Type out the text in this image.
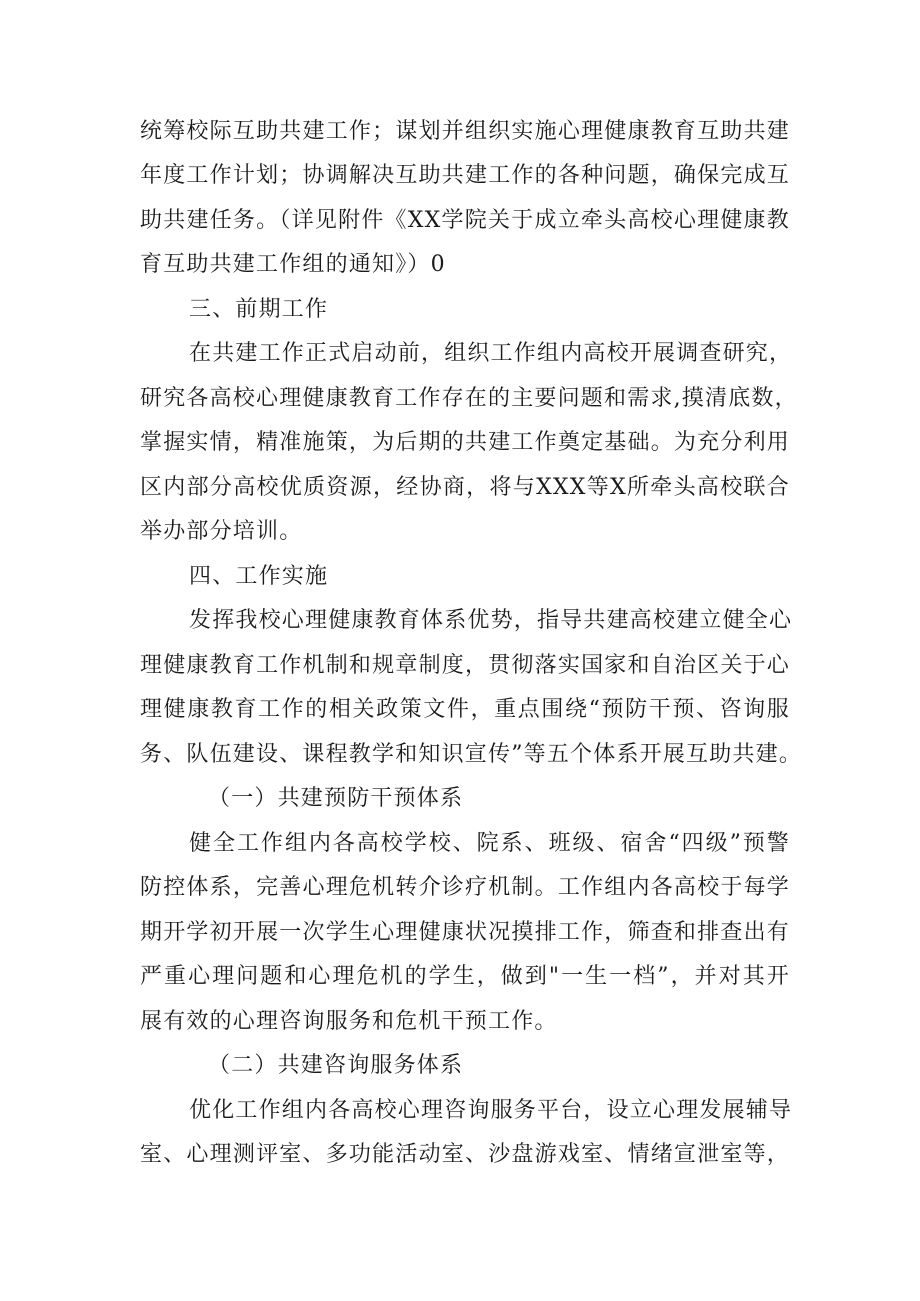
统筹校际互助共建工作；谋划并组织实施心理健康教育互助共建
年度工作计划；协调解决互助共建工作的各种问题，确保完成互
助共建任务。（详见附件《XX学院关于成立牵头高校心理健康教
育互助共建工作组的通知》）0
三、前期工作
在共建工作正式启动前，组织工作组内高校开展调查研究，
研究各高校心理健康教育工作存在的主要问题和需求,摸清底数，
掌握实情，精准施策，为后期的共建工作奠定基础。为充分利用
区内部分高校优质资源，经协商，将与XXX等X所牵头高校联合
举办部分培训。
四、工作实施
发挥我校心理健康教育体系优势，指导共建高校建立健全心
理健康教育工作机制和规章制度，贯彻落实国家和自治区关于心
理健康教育工作的相关政策文件，重点围绕“预防干预、咨询服
务、队伍建设、课程教学和知识宣传”等五个体系开展互助共建。
（一）共建预防干预体系
健全工作组内各高校学校、院系、班级、宿舍“四级”预警
防控体系，完善心理危机转介诊疗机制。工作组内各高校于每学
期开学初开展一次学生心理健康状况摸排工作，筛查和排查出有
严重心理问题和心理危机的学生，做到"一生一档”，并对其开
展有效的心理咨询服务和危机干预工作。
（二）共建咨询服务体系
优化工作组内各高校心理咨询服务平台，设立心理发展辅导
室、心理测评室、多功能活动室、沙盘游戏室、情绪宣泄室等，
